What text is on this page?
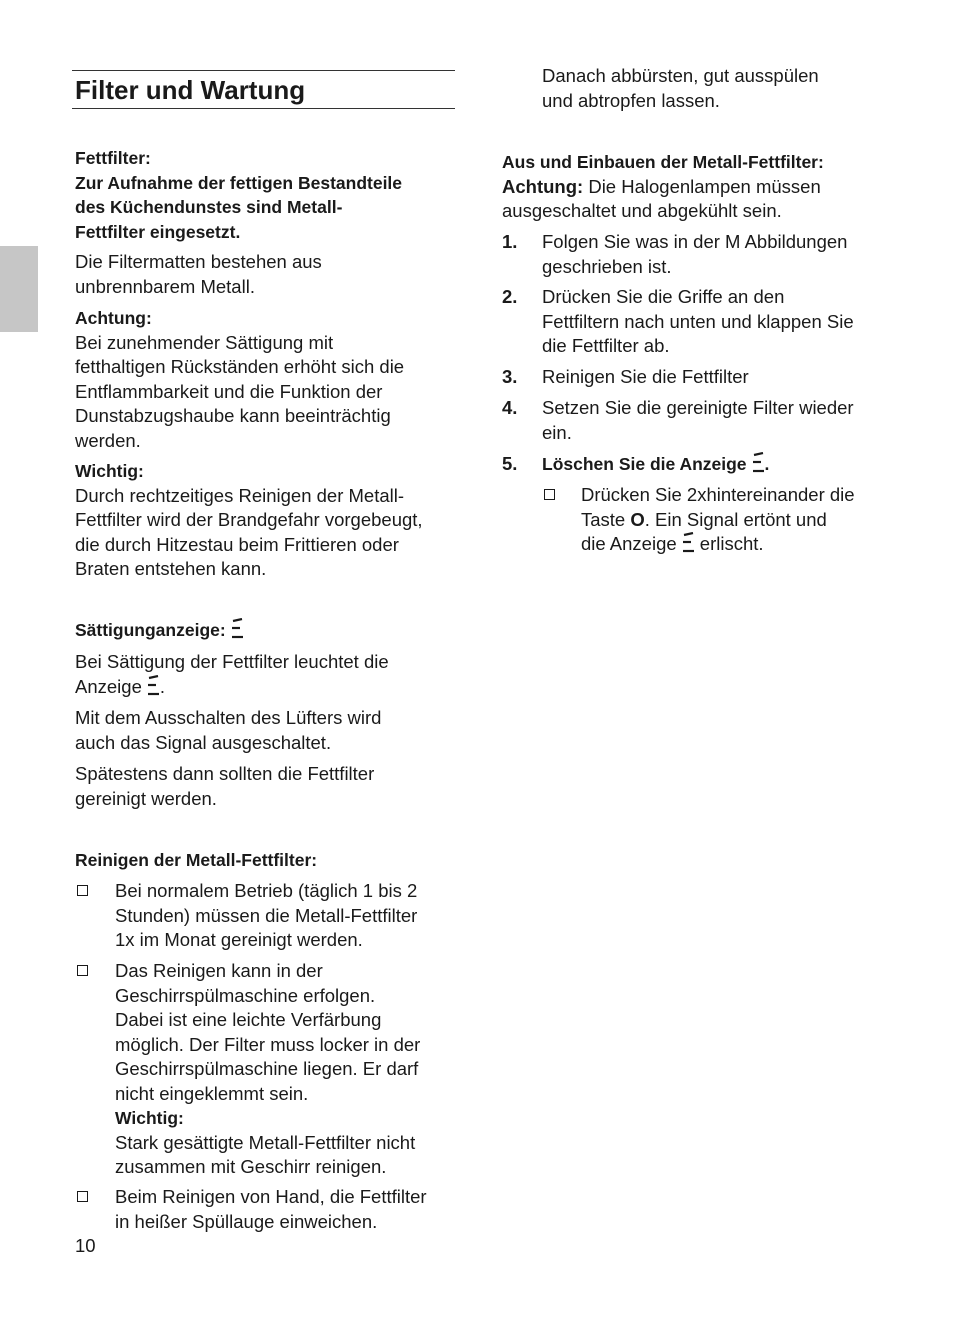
Filter und Wartung

Fettfilter:

Zur Aufnahme der fettigen Bestandteile

des Küchendunstes sind Metall-

Fettfilter eingesetzt.

Die Filtermatten bestehen aus

unbrennbarem Metall.

Achtung:

Bei zunehmender Sättigung mit

fetthaltigen Rückständen erhöht sich die

Entflammbarkeit und die Funktion der

Dunstabzugshaube kann beeinträchtig

werden.

Wichtig:

Durch rechtzeitiges Reinigen der Metall-

Fettfilter wird der Brandgefahr vorgebeugt,

die durch Hitzestau beim Frittieren oder

Braten entstehen kann.

Sättigunganzeige:

Bei Sättigung der Fettfilter leuchtet die

Anzeige .

Mit dem Ausschalten des Lüfters wird

auch das Signal ausgeschaltet.

Spätestens dann sollten die Fettfilter

gereinigt werden.

Reinigen der Metall-Fettfilter:

Bei normalem Betrieb (täglich 1 bis 2

Stunden) müssen die Metall-Fettfilter

1x im Monat gereinigt werden.

Das Reinigen kann in der

Geschirrspülmaschine erfolgen.

Dabei ist eine leichte Verfärbung

möglich. Der Filter muss locker in der

Geschirrspülmaschine liegen. Er darf

nicht eingeklemmt sein.

Wichtig:

Stark gesättigte Metall-Fettfilter nicht

zusammen mit Geschirr reinigen.

Beim Reinigen von Hand, die Fettfilter

in heißer Spüllauge einweichen.

10

Danach abbürsten, gut ausspülen

und abtropfen lassen.

Aus und Einbauen der Metall-Fettfilter:

Achtung: Die Halogenlampen müssen

ausgeschaltet und abgekühlt sein.

1. Folgen Sie was in der M Abbildungen

geschrieben ist.

2. Drücken Sie die Griffe an den

Fettfiltern nach unten und klappen Sie

die Fettfilter ab.

3. Reinigen Sie die Fettfilter

4. Setzen Sie die gereinigte Filter wieder

ein.

5. Löschen Sie die Anzeige .

Drücken Sie 2xhintereinander die

Taste O. Ein Signal ertönt und

die Anzeige erlischt.
